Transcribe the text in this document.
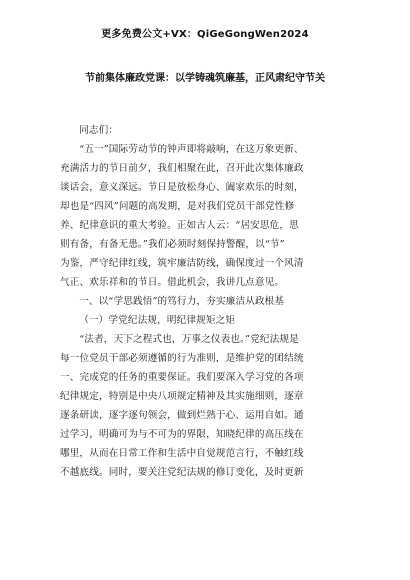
更多免费公文+VX：QiGeGongWen2024
节前集体廉政党课：以学铸魂筑廉基，正风肃纪守节关

同志们：

“五一”国际劳动节的钟声即将敲响，在这万象更新、

充满活力的节日前夕，我们相聚在此，召开此次集体廉政

谈话会，意义深远。节日是放松身心、阖家欢乐的时刻，

却也是“四风”问题的高发期，是对我们党员干部党性修

养、纪律意识的重大考验。正如古人云：“居安思危，思

则有备，有备无患。”我们必须时刻保持警醒，以“节”

为鉴，严守纪律红线，筑牢廉洁防线，确保度过一个风清

气正、欢乐祥和的节日。借此机会，我讲几点意见。

一、以“学思践悟”的笃行力，夯实廉洁从政根基

（一）学党纪法规，明纪律规矩之矩

“法者，天下之程式也，万事之仪表也。”党纪法规是

每一位党员干部必须遵循的行为准则，是维护党的团结统

一、完成党的任务的重要保证。我们要深入学习党的各项

纪律规定，特别是中央八项规定精神及其实施细则，逐章

逐条研读，逐字逐句领会，做到烂熟于心、运用自如。通

过学习，明确可为与不可为的界限，知晓纪律的高压线在

哪里，从而在日常工作和生活中自觉规范言行，不触红线

不越底线。同时，要关注党纪法规的修订变化，及时更新
